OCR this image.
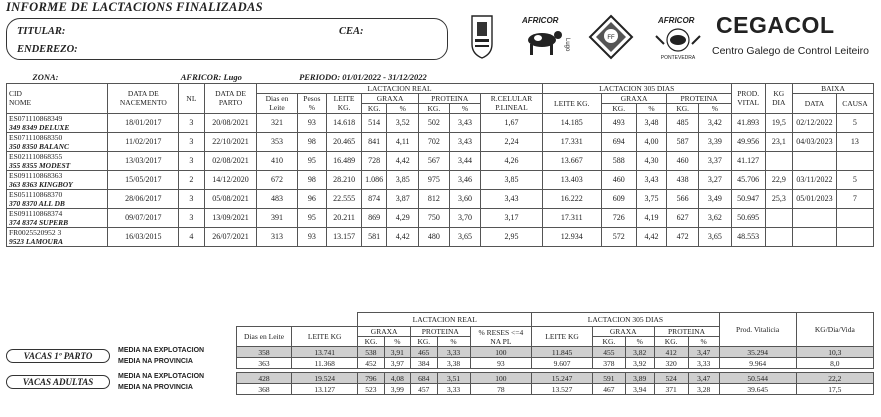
INFORME DE LACTACIONS FINALIZADAS
TITULAR:	CEA:
ENDEREZO:
AFRICOR
Lugo	FF
AFRICOR
PONTEVEDRA
CEGACOL
Centro Galego de Control Leiteiro
ZONA:		AFRICOR: Lugo			PERIODO: 01/01/2022 - 31/12/2022															

CID
NOME	DATA DE NACEMENTO	NL	DATA DE PARTO	LACTACION REAL								LACTACION 305 DIAS					PROD. VITAL	KG DIA	BAIXA	
				Dias en Leite	Pesos %	LEITE KG.	GRAXA		PROTEINA		R.CELULAR P.LINEAL	LEITE KG.	GRAXA		PROTEINA				DATA	CAUSA
							KG.	%	KG.	%			KG.	%	KG.	%				

ES071110868349
349 8349 DELUXE	18/01/2017	3	20/08/2021	321	93	14.618	514	3,52	502	3,43	1,67	14.185	493	3,48	485	3,42	41.893	19,5	02/12/2022	5

ES071110868350
350 8350 BALANC	11/02/2017	3	22/10/2021	353	98	20.465	841	4,11	702	3,43	2,24	17.331	694	4,00	587	3,39	49.956	23,1	04/03/2023	13

ES021110868355
355 8355 MODEST	13/03/2017	3	02/08/2021	410	95	16.489	728	4,42	567	3,44	4,26	13.667	588	4,30	460	3,37	41.127			

ES091110868363
363 8363 KINGBOY	15/05/2017	2	14/12/2020	672	98	28.210	1.086	3,85	975	3,46	3,85	13.403	460	3,43	438	3,27	45.706	22,9	03/11/2022	5

ES051110868370
370 8370 ALL DB	28/06/2017	3	05/08/2021	483	96	22.555	874	3,87	812	3,60	3,43	16.222	609	3,75	566	3,49	50.947	25,3	05/01/2023	7

ES091110868374
374 8374 SUPERB	09/07/2017	3	13/09/2021	391	95	20.211	869	4,29	750	3,70	3,17	17.311	726	4,19	627	3,62	50.695			

FR0025520952 3
9523 LAMOURA	16/03/2015	4	26/07/2021	313	93	13.157	581	4,42	480	3,65	2,95	12.934	572	4,42	472	3,65	48.553			
		LACTACION REAL					LACTACION 305 DIAS					Prod. Vitalicia	KG/Dia/Vida
Dias en Leite	LEITE KG	GRAXA		PROTEINA		% RESES <=4 NA PL	LEITE KG	GRAXA		PROTEINA			
		KG.	%	KG.	%			KG.	%	KG.	%		
358	13.741	538	3,91	465	3,33	100	11.845	455	3,82	412	3,47	35.294	10,3
363	11.368	452	3,97	384	3,38	93	9.607	378	3,92	320	3,33	9.964	8,0

428	19.524	796	4,08	684	3,51	100	15.247	591	3,89	524	3,47	50.544	22,2
368	13.127	523	3,99	457	3,33	78	13.527	467	3,94	371	3,28	39.645	17,5
MEDIA NA EXPLOTACION
VACAS 1º PARTO
MEDIA NA PROVINCIA
MEDIA NA EXPLOTACION
VACAS ADULTAS
MEDIA NA PROVINCIA
